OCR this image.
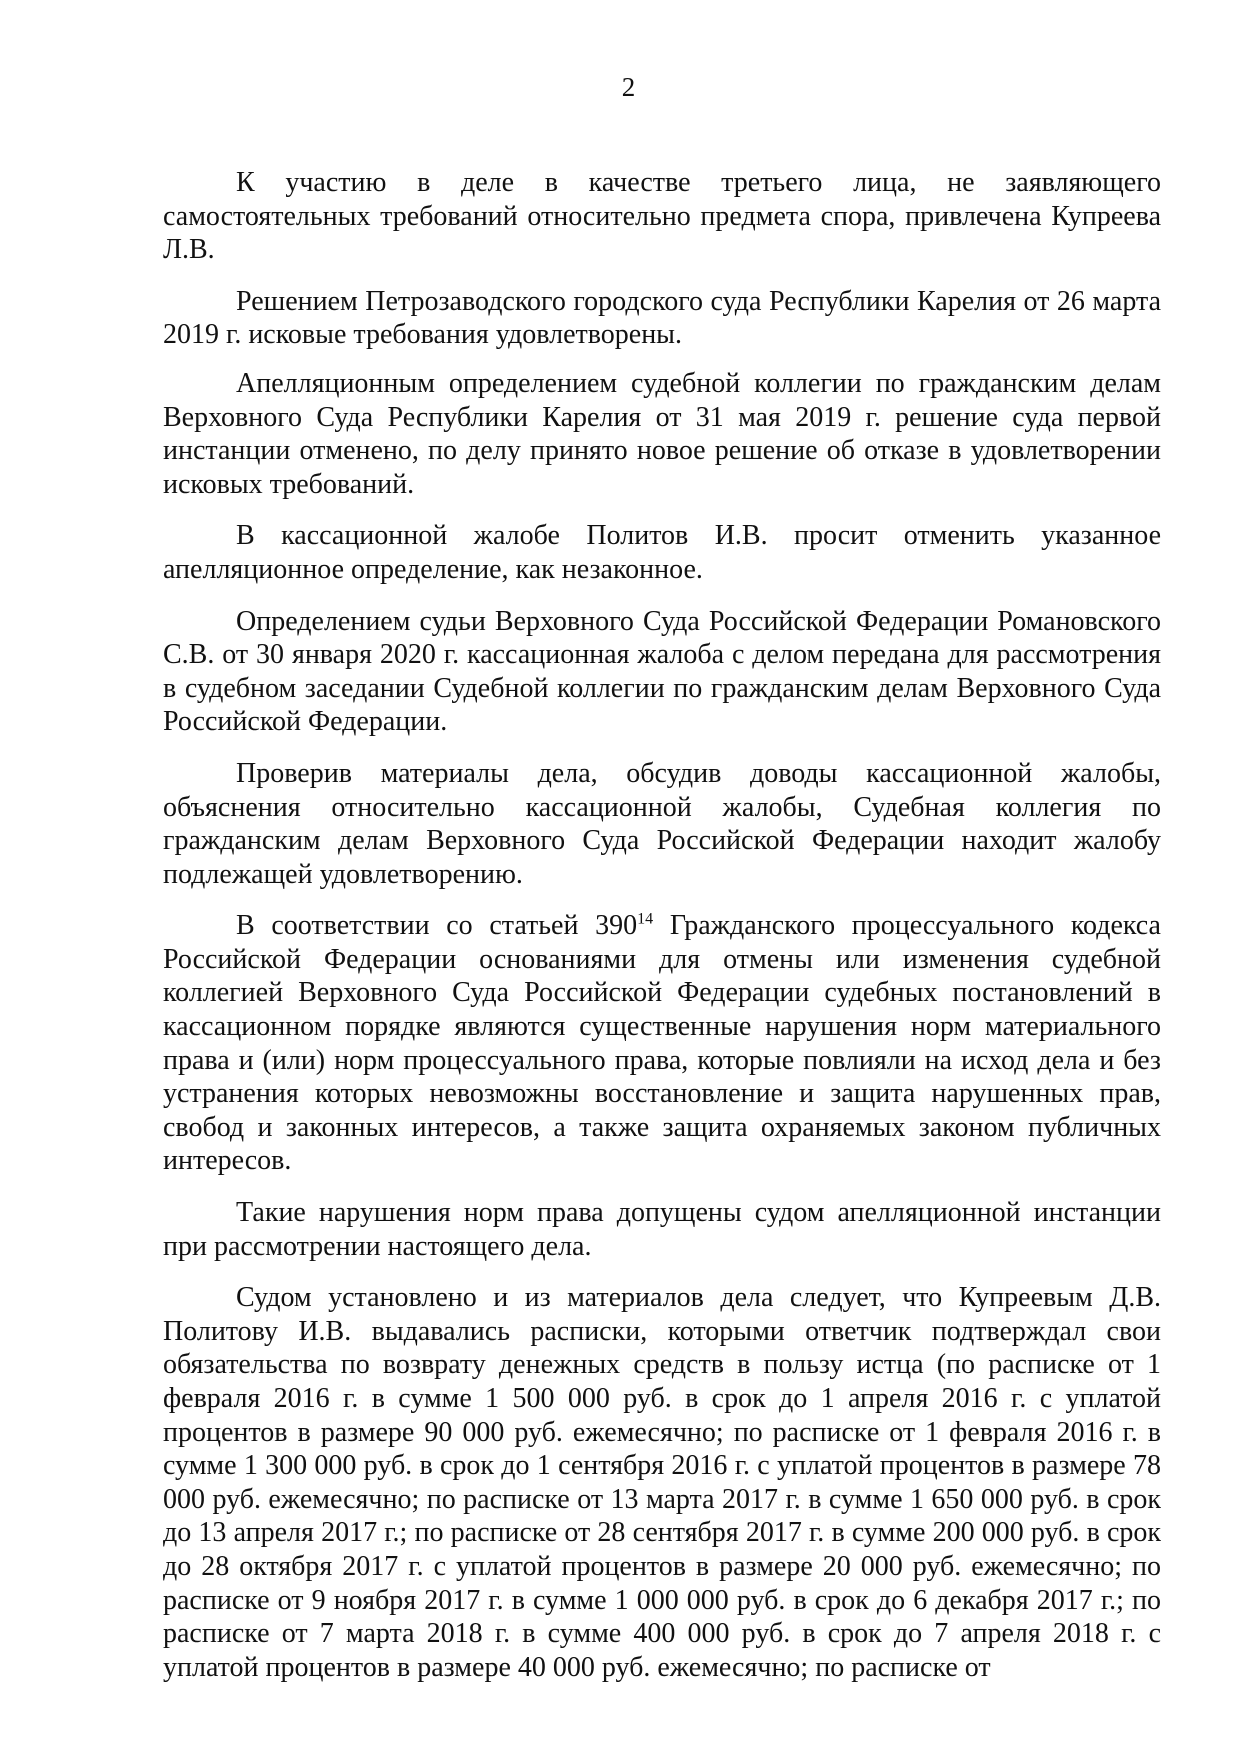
2

К участию в деле в качестве третьего лица, не заявляющего самостоятельных требований относительно предмета спора, привлечена Купреева Л.В.

Решением Петрозаводского городского суда Республики Карелия от 26 марта 2019 г. исковые требования удовлетворены.

Апелляционным определением судебной коллегии по гражданским делам Верховного Суда Республики Карелия от 31 мая 2019 г. решение суда первой инстанции отменено, по делу принято новое решение об отказе в удовлетворении исковых требований.

В кассационной жалобе Политов И.В. просит отменить указанное апелляционное определение, как незаконное.

Определением судьи Верховного Суда Российской Федерации Романовского С.В. от 30 января 2020 г. кассационная жалоба с делом передана для рассмотрения в судебном заседании Судебной коллегии по гражданским делам Верховного Суда Российской Федерации.

Проверив материалы дела, обсудив доводы кассационной жалобы, объяснения относительно кассационной жалобы, Судебная коллегия по гражданским делам Верховного Суда Российской Федерации находит жалобу подлежащей удовлетворению.

В соответствии со статьей $390^{14}$ Гражданского процессуального кодекса Российской Федерации основаниями для отмены или изменения судебной коллегией Верховного Суда Российской Федерации судебных постановлений в кассационном порядке являются существенные нарушения норм материального права и (или) норм процессуального права, которые повлияли на исход дела и без устранения которых невозможны восстановление и защита нарушенных прав, свобод и законных интересов, а также защита охраняемых законом публичных интересов.

Такие нарушения норм права допущены судом апелляционной инстанции при рассмотрении настоящего дела.

Судом установлено и из материалов дела следует, что Купреевым Д.В. Политову И.В. выдавались расписки, которыми ответчик подтверждал свои обязательства по возврату денежных средств в пользу истца (по расписке от 1 февраля 2016 г. в сумме 1 500 000 руб. в срок до 1 апреля 2016 г. с уплатой процентов в размере 90 000 руб. ежемесячно; по расписке от 1 февраля 2016 г. в сумме 1 300 000 руб. в срок до 1 сентября 2016 г. с уплатой процентов в размере 78 000 руб. ежемесячно; по расписке от 13 марта 2017 г. в сумме 1 650 000 руб. в срок до 13 апреля 2017 г.; по расписке от 28 сентября 2017 г. в сумме 200 000 руб. в срок до 28 октября 2017 г. с уплатой процентов в размере 20 000 руб. ежемесячно; по расписке от 9 ноября 2017 г. в сумме 1 000 000 руб. в срок до 6 декабря 2017 г.; по расписке от 7 марта 2018 г. в сумме 400 000 руб. в срок до 7 апреля 2018 г. с уплатой процентов в размере 40 000 руб. ежемесячно; по расписке от
